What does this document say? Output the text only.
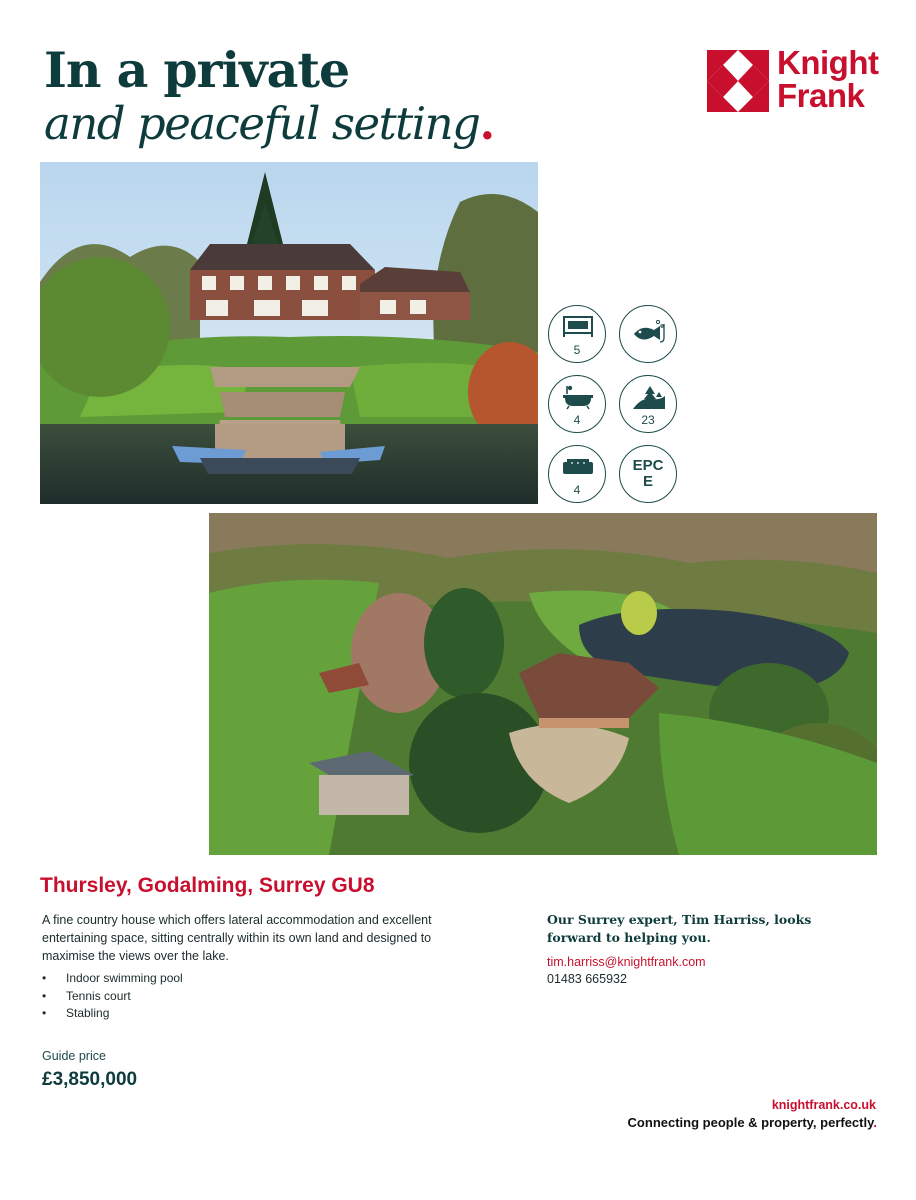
In a private
and peaceful setting.
Knight
Frank
5
4	23
4
EPC
E
Thursley, Godalming, Surrey GU8
A fine country house which offers lateral accommodation and excellent entertaining space, sitting centrally within its own land and designed to maximise the views over the lake.
• Indoor swimming pool
• Tennis court
• Stabling
Guide price
£3,850,000
Our Surrey expert, Tim Harriss, looks forward to helping you.
tim.harriss@knightfrank.com
01483 665932
knightfrank.co.uk
Connecting people & property, perfectly.
